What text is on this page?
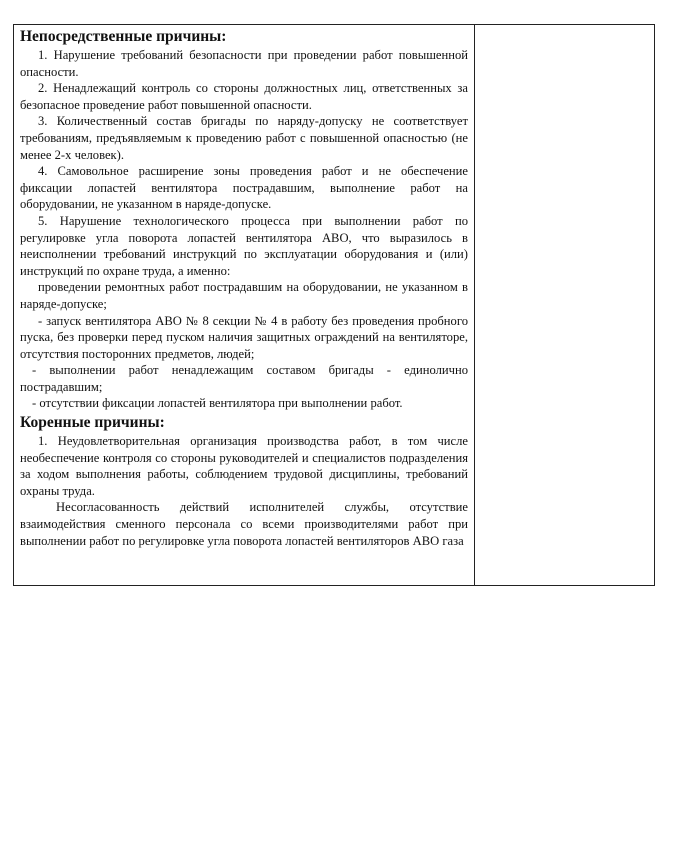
Непосредственные причины:

1. Нарушение требований безопасности при проведении работ повышенной опасности.

2. Ненадлежащий контроль со стороны должностных лиц, ответственных за безопасное проведение работ повышенной опасности.

3. Количественный состав бригады по наряду-допуску не соответствует требованиям, предъявляемым к проведению работ с повышенной опасностью (не менее 2-х человек).

4. Самовольное расширение зоны проведения работ и не обеспечение фиксации лопастей вентилятора пострадавшим, выполнение работ на оборудовании, не указанном в наряде-допуске.

5. Нарушение технологического процесса при выполнении работ по регулировке угла поворота лопастей вентилятора АВО, что выразилось в неисполнении требований инструкций по эксплуатации оборудования и (или) инструкций по охране труда, а именно:

проведении ремонтных работ пострадавшим на оборудовании, не указанном в наряде-допуске;

- запуск вентилятора АВО № 8 секции № 4 в работу без проведения пробного пуска, без проверки перед пуском наличия защитных ограждений на вентиляторе, отсутствия посторонних предметов, людей;

- выполнении работ ненадлежащим составом бригады - единолично пострадавшим;

- отсутствии фиксации лопастей вентилятора при выполнении работ.

Коренные причины:

1. Неудовлетворительная организация производства работ, в том числе необеспечение контроля со стороны руководителей и специалистов подразделения за ходом выполнения работы, соблюдением трудовой дисциплины, требований охраны труда.

Несогласованность действий исполнителей службы, отсутствие взаимодействия сменного персонала со всеми производителями работ при выполнении работ по регулировке угла поворота лопастей вентиляторов АВО газа
